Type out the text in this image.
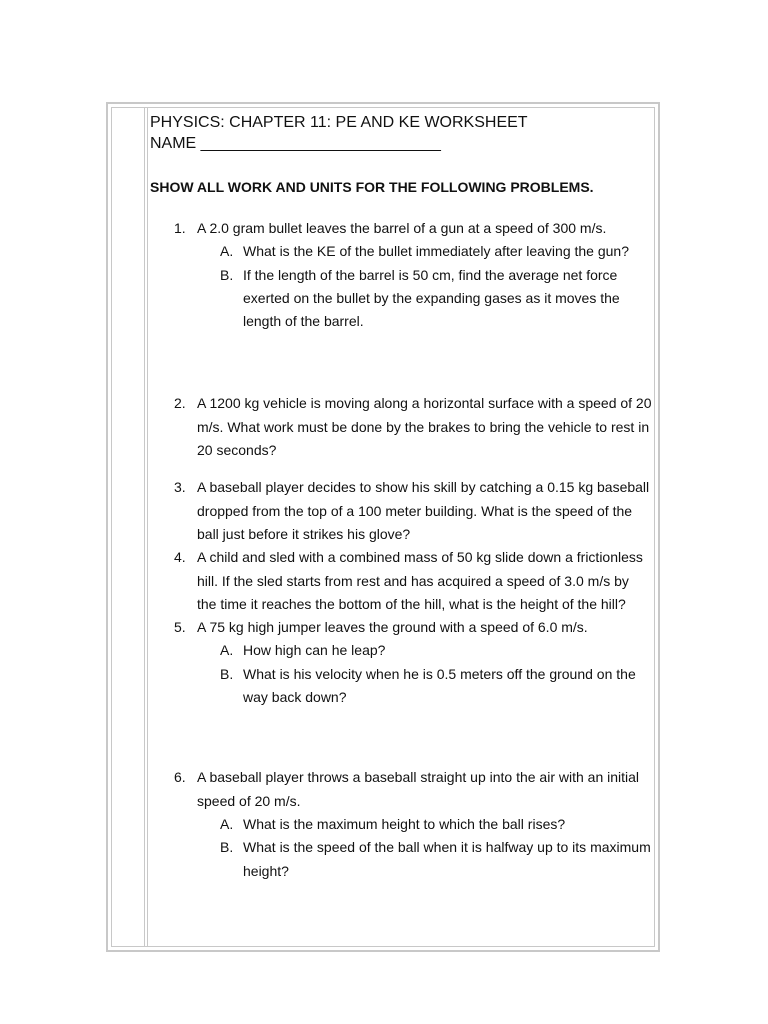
PHYSICS: CHAPTER 11: PE AND KE WORKSHEET
NAME ___________________________
SHOW ALL WORK AND UNITS FOR THE FOLLOWING PROBLEMS.
1. A 2.0 gram bullet leaves the barrel of a gun at a speed of 300 m/s.
A. What is the KE of the bullet immediately after leaving the gun?
B. If the length of the barrel is 50 cm, find the average net force exerted on the bullet by the expanding gases as it moves the length of the barrel.
2. A 1200 kg vehicle is moving along a horizontal surface with a speed of 20 m/s. What work must be done by the brakes to bring the vehicle to rest in 20 seconds?
3. A baseball player decides to show his skill by catching a 0.15 kg baseball dropped from the top of a 100 meter building. What is the speed of the ball just before it strikes his glove?
4. A child and sled with a combined mass of 50 kg slide down a frictionless hill. If the sled starts from rest and has acquired a speed of 3.0 m/s by the time it reaches the bottom of the hill, what is the height of the hill?
5. A 75 kg high jumper leaves the ground with a speed of 6.0 m/s.
A. How high can he leap?
B. What is his velocity when he is 0.5 meters off the ground on the way back down?
6. A baseball player throws a baseball straight up into the air with an initial speed of 20 m/s.
A. What is the maximum height to which the ball rises?
B. What is the speed of the ball when it is halfway up to its maximum height?
